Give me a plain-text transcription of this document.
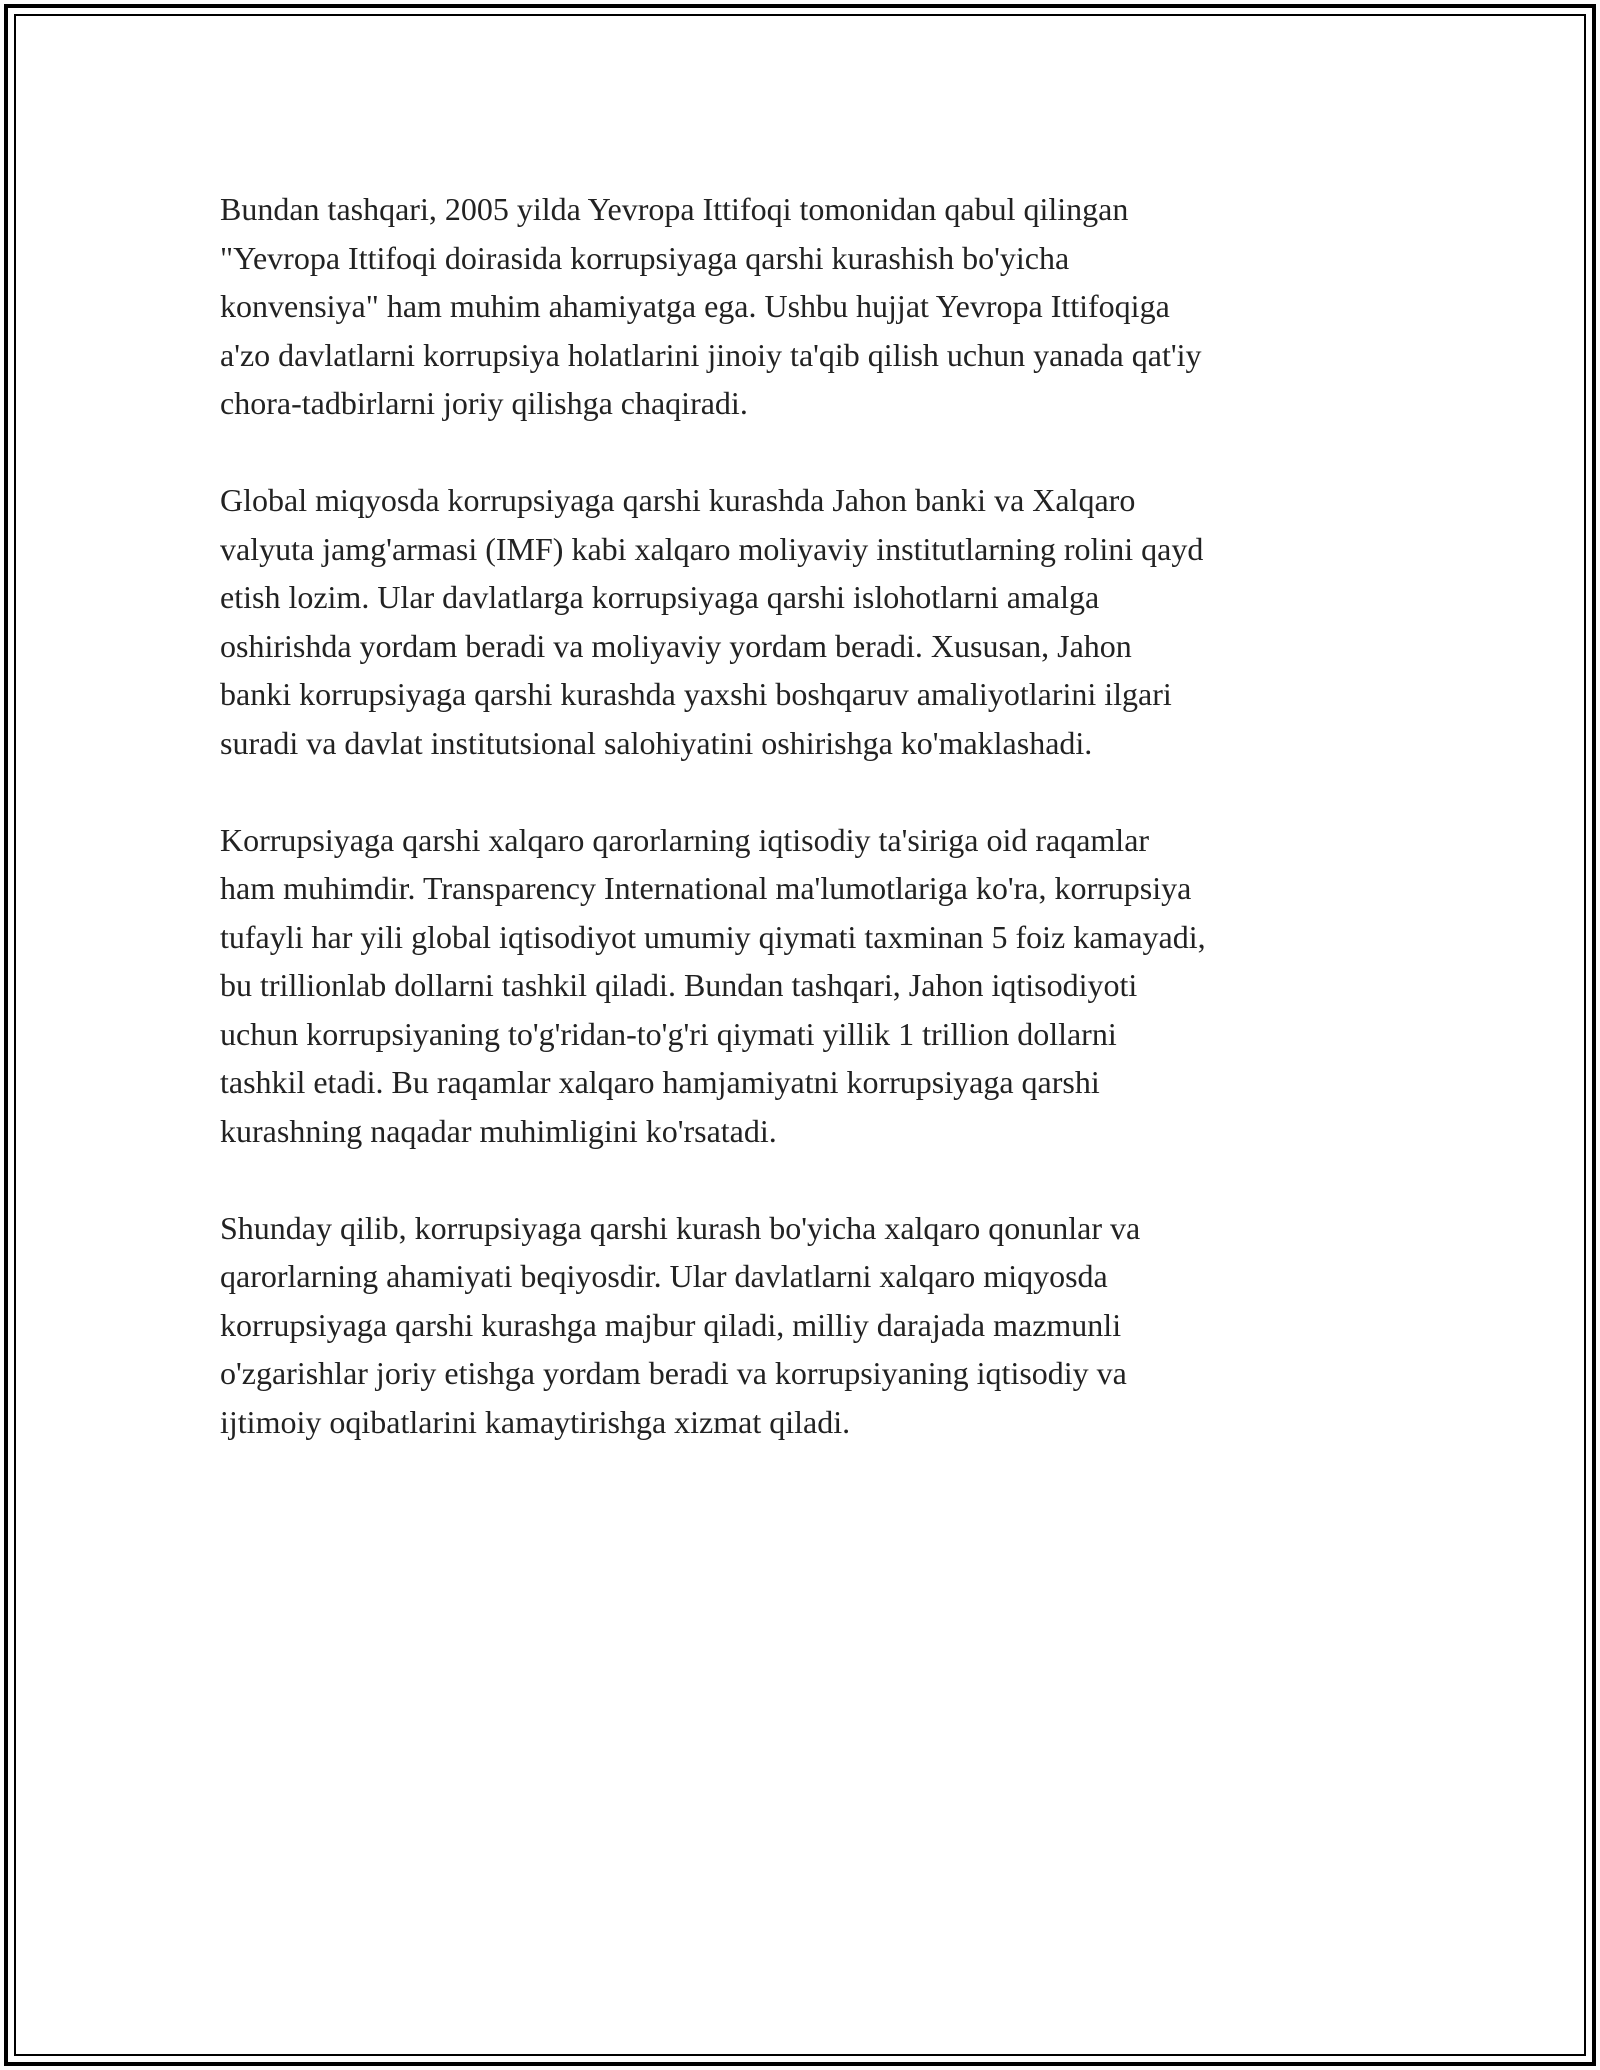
Bundan tashqari, 2005 yilda Yevropa Ittifoqi tomonidan qabul qilingan
"Yevropa Ittifoqi doirasida korrupsiyaga qarshi kurashish bo'yicha
konvensiya" ham muhim ahamiyatga ega. Ushbu hujjat Yevropa Ittifoqiga
a'zo davlatlarni korrupsiya holatlarini jinoiy ta'qib qilish uchun yanada qat'iy
chora-tadbirlarni joriy qilishga chaqiradi.

Global miqyosda korrupsiyaga qarshi kurashda Jahon banki va Xalqaro
valyuta jamg'armasi (IMF) kabi xalqaro moliyaviy institutlarning rolini qayd
etish lozim. Ular davlatlarga korrupsiyaga qarshi islohotlarni amalga
oshirishda yordam beradi va moliyaviy yordam beradi. Xususan, Jahon
banki korrupsiyaga qarshi kurashda yaxshi boshqaruv amaliyotlarini ilgari
suradi va davlat institutsional salohiyatini oshirishga ko'maklashadi.

Korrupsiyaga qarshi xalqaro qarorlarning iqtisodiy ta'siriga oid raqamlar
ham muhimdir. Transparency International ma'lumotlariga ko'ra, korrupsiya
tufayli har yili global iqtisodiyot umumiy qiymati taxminan 5 foiz kamayadi,
bu trillionlab dollarni tashkil qiladi. Bundan tashqari, Jahon iqtisodiyoti
uchun korrupsiyaning to'g'ridan-to'g'ri qiymati yillik 1 trillion dollarni
tashkil etadi. Bu raqamlar xalqaro hamjamiyatni korrupsiyaga qarshi
kurashning naqadar muhimligini ko'rsatadi.

Shunday qilib, korrupsiyaga qarshi kurash bo'yicha xalqaro qonunlar va
qarorlarning ahamiyati beqiyosdir. Ular davlatlarni xalqaro miqyosda
korrupsiyaga qarshi kurashga majbur qiladi, milliy darajada mazmunli
o'zgarishlar joriy etishga yordam beradi va korrupsiyaning iqtisodiy va
ijtimoiy oqibatlarini kamaytirishga xizmat qiladi.
